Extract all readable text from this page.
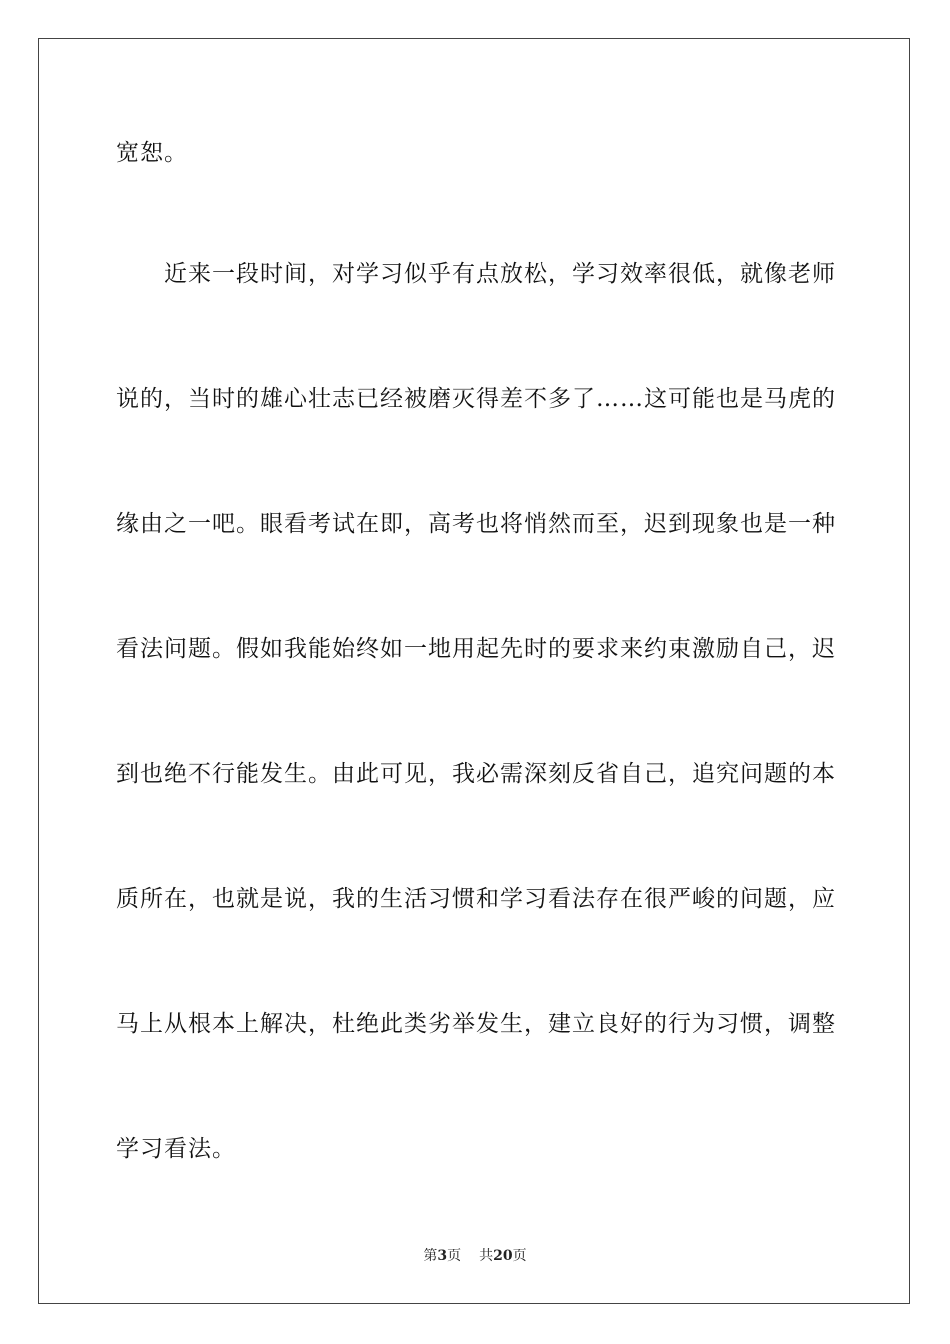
宽恕。
近来一段时间，对学习似乎有点放松，学习效率很低，就像老师
说的，当时的雄心壮志已经被磨灭得差不多了……这可能也是马虎的
缘由之一吧。眼看考试在即，高考也将悄然而至，迟到现象也是一种
看法问题。假如我能始终如一地用起先时的要求来约束激励自己，迟
到也绝不行能发生。由此可见，我必需深刻反省自己，追究问题的本
质所在，也就是说，我的生活习惯和学习看法存在很严峻的问题，应
马上从根本上解决，杜绝此类劣举发生，建立良好的行为习惯，调整
学习看法。
第3页 共20页
